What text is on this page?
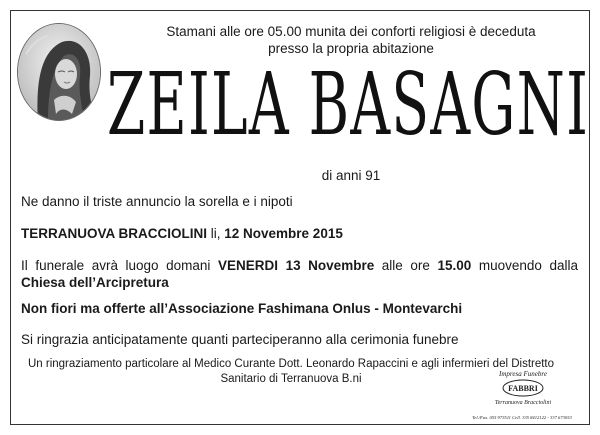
Stamani alle ore 05.00 munita dei conforti religiosi è deceduta
presso la propria abitazione
ZEILA BASAGNI
di anni 91
Ne danno il triste annuncio la sorella e i nipoti
TERRANUOVA BRACCIOLINI li, 12 Novembre 2015
Il funerale avrà luogo domani VENERDI 13 Novembre alle ore 15.00 muovendo dalla
Chiesa dell’Arcipretura
Non fiori ma offerte all’Associazione Fashimana Onlus - Montevarchi
Si ringrazia anticipatamente quanti parteciperanno alla cerimonia funebre
Un ringraziamento particolare al Medico Curante Dott. Leonardo Rapaccini e agli infermieri del Distretto
Sanitario di Terranuova B.ni	Impresa Funebre
FABBRI
Terranuova Bracciolini
Tel./Fax. 055 973511 Cell. 335 8412122 - 337 673053
